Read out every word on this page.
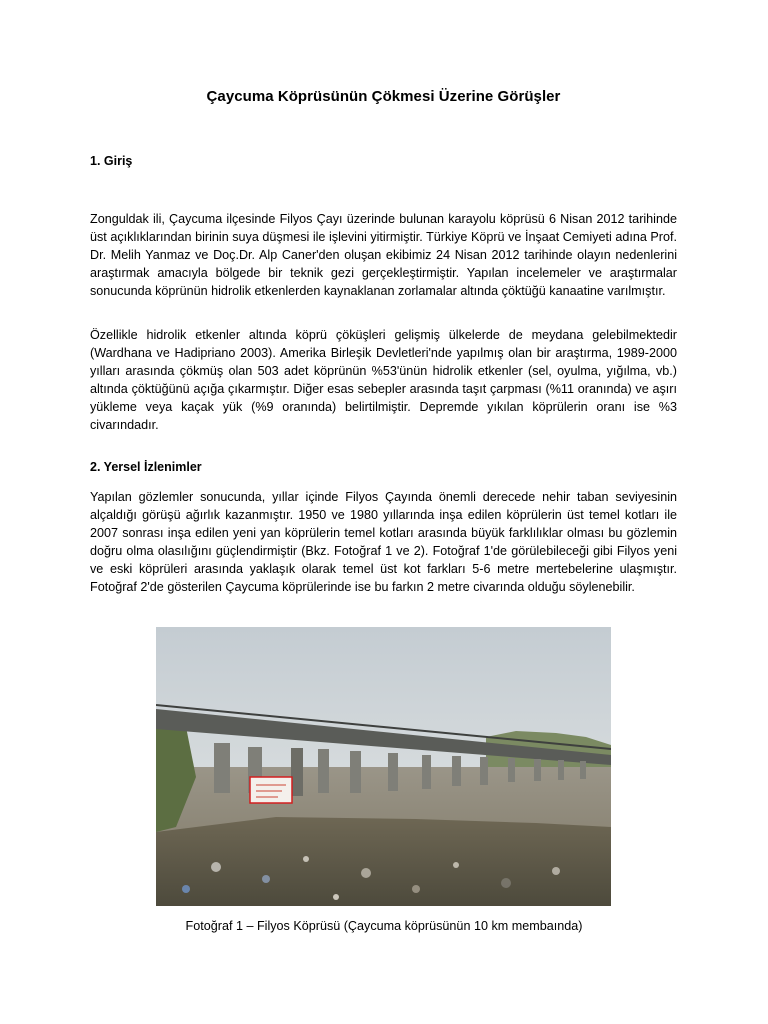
Çaycuma Köprüsünün Çökmesi Üzerine Görüşler
1. Giriş

Zonguldak ili, Çaycuma ilçesinde Filyos Çayı üzerinde bulunan karayolu köprüsü 6 Nisan 2012 tarihinde üst açıklıklarından birinin suya düşmesi ile işlevini yitirmiştir. Türkiye Köprü ve İnşaat Cemiyeti adına Prof. Dr. Melih Yanmaz ve Doç.Dr. Alp Caner'den oluşan ekibimiz 24 Nisan 2012 tarihinde olayın nedenlerini araştırmak amacıyla bölgede bir teknik gezi gerçekleştirmiştir. Yapılan incelemeler ve araştırmalar sonucunda köprünün hidrolik etkenlerden kaynaklanan zorlamalar altında çöktüğü kanaatine varılmıştır.

Özellikle hidrolik etkenler altında köprü çöküşleri gelişmiş ülkelerde de meydana gelebilmektedir (Wardhana ve Hadipriano 2003). Amerika Birleşik Devletleri'nde yapılmış olan bir araştırma, 1989-2000 yılları arasında çökmüş olan 503 adet köprünün %53'ünün hidrolik etkenler (sel, oyulma, yığılma, vb.) altında çöktüğünü açığa çıkarmıştır. Diğer esas sebepler arasında taşıt çarpması (%11 oranında) ve aşırı yükleme veya kaçak yük (%9 oranında) belirtilmiştir. Depremde yıkılan köprülerin oranı ise %3 civarındadır.

2. Yersel İzlenimler

Yapılan gözlemler sonucunda, yıllar içinde Filyos Çayında önemli derecede nehir taban seviyesinin alçaldığı görüşü ağırlık kazanmıştır. 1950 ve 1980 yıllarında inşa edilen köprülerin üst temel kotları ile 2007 sonrası inşa edilen yeni yan köprülerin temel kotları arasında büyük farklılıklar olması bu gözlemin doğru olma olasılığını güçlendirmiştir (Bkz. Fotoğraf 1 ve 2). Fotoğraf 1'de görülebileceği gibi Filyos yeni ve eski köprüleri arasında yaklaşık olarak temel üst kot farkları 5-6 metre mertebelerine ulaşmıştır. Fotoğraf 2'de gösterilen Çaycuma köprülerinde ise bu farkın 2 metre civarında olduğu söylenebilir.

Fotoğraf 1 – Filyos Köprüsü (Çaycuma köprüsünün 10 km membaında)
